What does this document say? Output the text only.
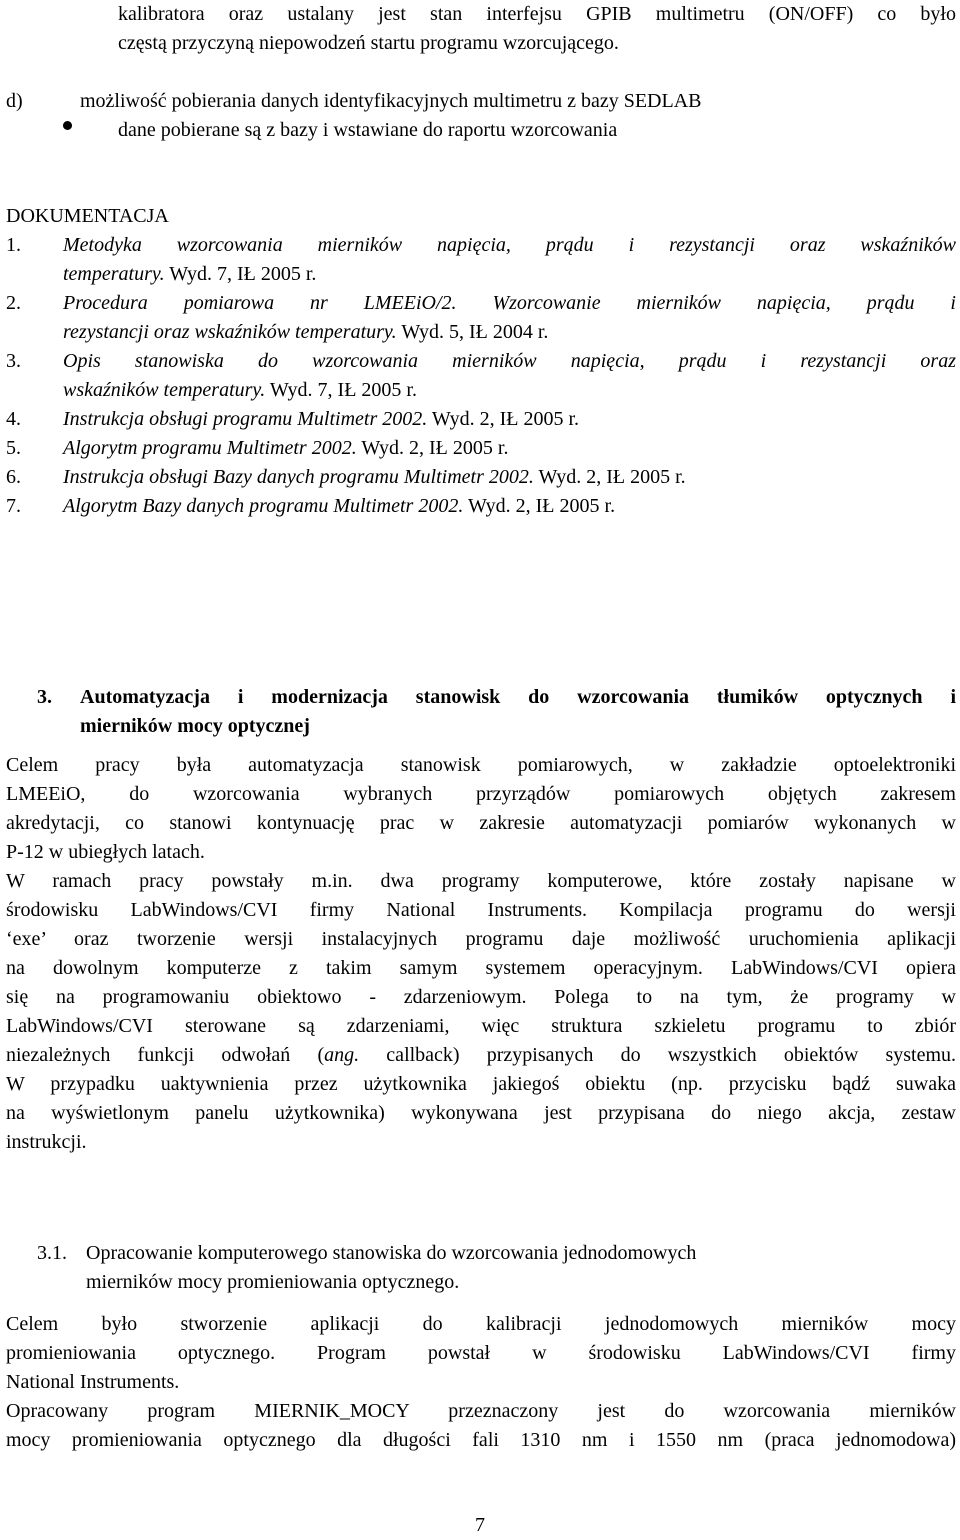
kalibratora oraz ustalany jest stan interfejsu GPIB multimetru (ON/OFF) co było
częstą przyczyną niepowodzeń startu programu wzorcującego.
d)	możliwość pobierania danych identyfikacyjnych multimetru z bazy SEDLAB
dane pobierane są z bazy i wstawiane do raportu wzorcowania
DOKUMENTACJA
1. Metodyka wzorcowania mierników napięcia, prądu i rezystancji oraz wskaźników
temperatury. Wyd. 7, IŁ 2005 r.
2. Procedura pomiarowa nr LMEEiO/2. Wzorcowanie mierników napięcia, prądu i
rezystancji oraz wskaźników temperatury. Wyd. 5, IŁ 2004 r.
3. Opis stanowiska do wzorcowania mierników napięcia, prądu i rezystancji oraz
wskaźników temperatury. Wyd. 7, IŁ 2005 r.
4. Instrukcja obsługi programu Multimetr 2002. Wyd. 2, IŁ 2005 r.
5. Algorytm programu Multimetr 2002. Wyd. 2, IŁ 2005 r.
6. Instrukcja obsługi Bazy danych programu Multimetr 2002. Wyd. 2, IŁ 2005 r.
7. Algorytm Bazy danych programu Multimetr 2002. Wyd. 2, IŁ 2005 r.
3. Automatyzacja i modernizacja stanowisk do wzorcowania tłumików optycznych i
mierników mocy optycznej
Celem pracy była automatyzacja stanowisk pomiarowych, w zakładzie optoelektroniki
LMEEiO, do wzorcowania wybranych przyrządów pomiarowych objętych zakresem
akredytacji, co stanowi kontynuację prac w zakresie automatyzacji pomiarów wykonanych w
P-12 w ubiegłych latach.
W ramach pracy powstały m.in. dwa programy komputerowe, które zostały napisane w
środowisku LabWindows/CVI firmy National Instruments. Kompilacja programu do wersji
‘exe’ oraz tworzenie wersji instalacyjnych programu daje możliwość uruchomienia aplikacji
na dowolnym komputerze z takim samym systemem operacyjnym. LabWindows/CVI opiera
się na programowaniu obiektowo - zdarzeniowym. Polega to na tym, że programy w
LabWindows/CVI sterowane są zdarzeniami, więc struktura szkieletu programu to zbiór
niezależnych funkcji odwołań (ang. callback) przypisanych do wszystkich obiektów systemu.
W przypadku uaktywnienia przez użytkownika jakiegoś obiektu (np. przycisku bądź suwaka
na wyświetlonym panelu użytkownika) wykonywana jest przypisana do niego akcja, zestaw
instrukcji.
3.1. Opracowanie komputerowego stanowiska do wzorcowania jednodomowych
mierników mocy promieniowania optycznego.
Celem było stworzenie aplikacji do kalibracji jednodomowych mierników mocy
promieniowania optycznego. Program powstał w środowisku LabWindows/CVI firmy
National Instruments.
Opracowany program MIERNIK_MOCY przeznaczony jest do wzorcowania mierników
mocy promieniowania optycznego dla długości fali 1310 nm i 1550 nm (praca jednomodowa)
7
